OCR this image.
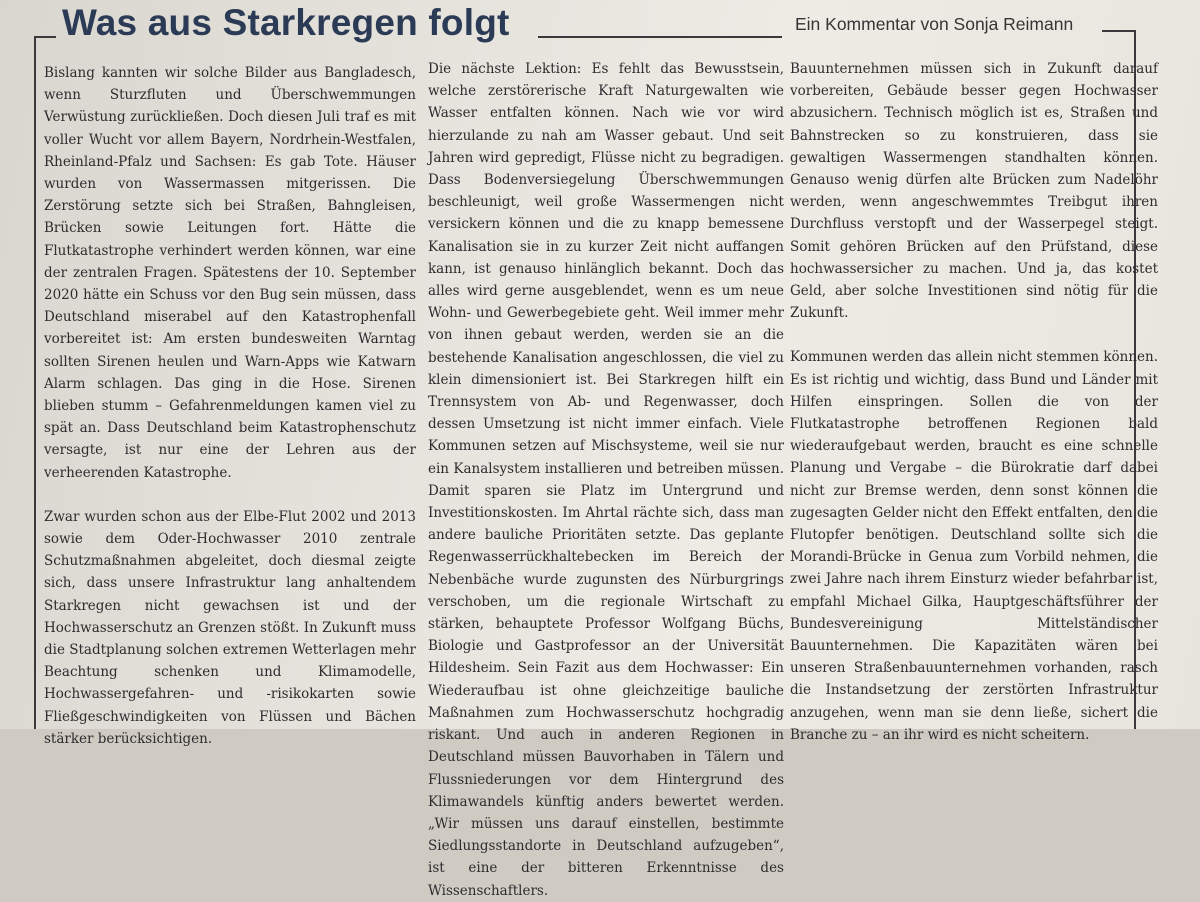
Was aus Starkregen folgt	Ein Kommentar von Sonja Reimann

Bislang kannten wir solche Bilder aus Bangladesch, wenn Sturzfluten und Überschwemmungen Verwüstung zurückließen. Doch diesen Juli traf es mit voller Wucht vor allem Bayern, Nordrhein-Westfalen, Rheinland-Pfalz und Sachsen: Es gab Tote. Häuser wurden von Wassermassen mitgerissen. Die Zerstörung setzte sich bei Straßen, Bahngleisen, Brücken sowie Leitungen fort. Hätte die Flutkatastrophe verhindert werden können, war eine der zentralen Fragen. Spätestens der 10. September 2020 hätte ein Schuss vor den Bug sein müssen, dass Deutschland miserabel auf den Katastrophenfall vorbereitet ist: Am ersten bundesweiten Warntag sollten Sirenen heulen und Warn-Apps wie Katwarn Alarm schlagen. Das ging in die Hose. Sirenen blieben stumm – Gefahrenmeldungen kamen viel zu spät an. Dass Deutschland beim Katastrophenschutz versagte, ist nur eine der Lehren aus der verheerenden Katastrophe.

Zwar wurden schon aus der Elbe-Flut 2002 und 2013 sowie dem Oder-Hochwasser 2010 zentrale Schutzmaßnahmen abgeleitet, doch diesmal zeigte sich, dass unsere Infrastruktur lang anhaltendem Starkregen nicht gewachsen ist und der Hochwasserschutz an Grenzen stößt. In Zukunft muss die Stadtplanung solchen extremen Wetterlagen mehr Beachtung schenken und Klimamodelle, Hochwassergefahren- und -risikokarten sowie Fließgeschwindigkeiten von Flüssen und Bächen stärker berücksichtigen.

Die nächste Lektion: Es fehlt das Bewusstsein, welche zerstörerische Kraft Naturgewalten wie Wasser entfalten können. Nach wie vor wird hierzulande zu nah am Wasser gebaut. Und seit Jahren wird gepredigt, Flüsse nicht zu begradigen. Dass Bodenversiegelung Überschwemmungen beschleunigt, weil große Wassermengen nicht versickern können und die zu knapp bemessene Kanalisation sie in zu kurzer Zeit nicht auffangen kann, ist genauso hinlänglich bekannt. Doch das alles wird gerne ausgeblendet, wenn es um neue Wohn- und Gewerbegebiete geht. Weil immer mehr von ihnen gebaut werden, werden sie an die bestehende Kanalisation angeschlossen, die viel zu klein dimensioniert ist. Bei Starkregen hilft ein Trennsystem von Ab- und Regenwasser, doch dessen Umsetzung ist nicht immer einfach. Viele Kommunen setzen auf Mischsysteme, weil sie nur ein Kanalsystem installieren und betreiben müssen. Damit sparen sie Platz im Untergrund und Investitionskosten. Im Ahrtal rächte sich, dass man andere bauliche Prioritäten setzte. Das geplante Regenwasserrückhaltebecken im Bereich der Nebenbäche wurde zugunsten des Nürburgrings verschoben, um die regionale Wirtschaft zu stärken, behauptete Professor Wolfgang Büchs, Biologie und Gastprofessor an der Universität Hildesheim. Sein Fazit aus dem Hochwasser: Ein Wiederaufbau ist ohne gleichzeitige bauliche Maßnahmen zum Hochwasserschutz hochgradig riskant. Und auch in anderen Regionen in Deutschland müssen Bauvorhaben in Tälern und Flussniederungen vor dem Hintergrund des Klimawandels künftig anders bewertet werden. „Wir müssen uns darauf einstellen, bestimmte Siedlungsstandorte in Deutschland aufzugeben“, ist eine der bitteren Erkenntnisse des Wissenschaftlers.

Bauunternehmen müssen sich in Zukunft darauf vorbereiten, Gebäude besser gegen Hochwasser abzusichern. Technisch möglich ist es, Straßen und Bahnstrecken so zu konstruieren, dass sie gewaltigen Wassermengen standhalten können. Genauso wenig dürfen alte Brücken zum Nadelöhr werden, wenn angeschwemmtes Treibgut ihren Durchfluss verstopft und der Wasserpegel steigt. Somit gehören Brücken auf den Prüfstand, diese hochwassersicher zu machen. Und ja, das kostet Geld, aber solche Investitionen sind nötig für die Zukunft.

Kommunen werden das allein nicht stemmen können. Es ist richtig und wichtig, dass Bund und Länder mit Hilfen einspringen. Sollen die von der Flutkatastrophe betroffenen Regionen bald wiederaufgebaut werden, braucht es eine schnelle Planung und Vergabe – die Bürokratie darf dabei nicht zur Bremse werden, denn sonst können die zugesagten Gelder nicht den Effekt entfalten, den die Flutopfer benötigen. Deutschland sollte sich die Morandi-Brücke in Genua zum Vorbild nehmen, die zwei Jahre nach ihrem Einsturz wieder befahrbar ist, empfahl Michael Gilka, Hauptgeschäftsführer der Bundesvereinigung Mittelständischer Bauunternehmen. Die Kapazitäten wären bei unseren Straßenbauunternehmen vorhanden, rasch die Instandsetzung der zerstörten Infrastruktur anzugehen, wenn man sie denn ließe, sichert die Branche zu – an ihr wird es nicht scheitern.
